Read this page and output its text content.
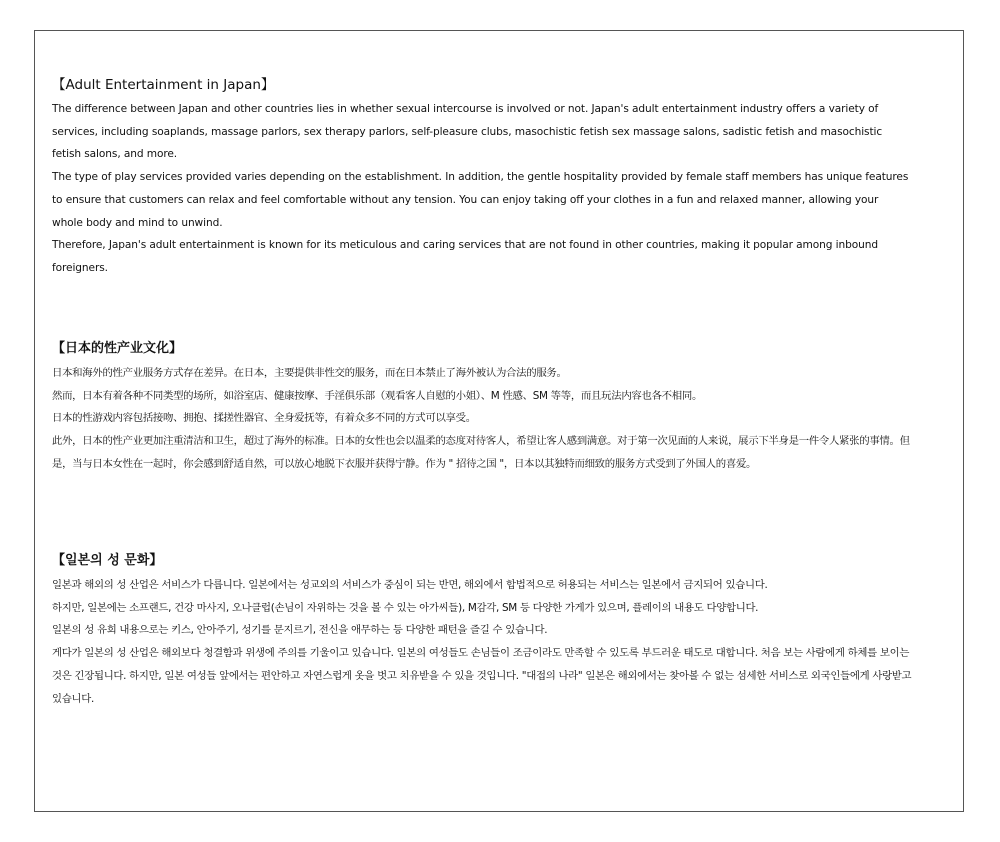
【Adult Entertainment in Japan】

The difference between Japan and other countries lies in whether sexual intercourse is involved or not. Japan's adult entertainment industry offers a variety of services, including soaplands, massage parlors, sex therapy parlors, self-pleasure clubs, masochistic fetish sex massage salons, sadistic fetish and masochistic fetish salons, and more.

The type of play services provided varies depending on the establishment. In addition, the gentle hospitality provided by female staff members has unique features to ensure that customers can relax and feel comfortable without any tension. You can enjoy taking off your clothes in a fun and relaxed manner, allowing your whole body and mind to unwind.

Therefore, Japan's adult entertainment is known for its meticulous and caring services that are not found in other countries, making it popular among inbound foreigners.

【日本的性产业文化】

日本和海外的性产业服务方式存在差异。在日本，主要提供非性交的服务，而在日本禁止了海外被认为合法的服务。

然而，日本有着各种不同类型的场所，如浴室店、健康按摩、手淫俱乐部（观看客人自慰的小姐）、M 性感、SM 等等，而且玩法内容也各不相同。

日本的性游戏内容包括接吻、拥抱、揉搓性器官、全身爱抚等，有着众多不同的方式可以享受。

此外，日本的性产业更加注重清洁和卫生，超过了海外的标准。日本的女性也会以温柔的态度对待客人，希望让客人感到满意。对于第一次见面的人来说，展示下半身是一件令人紧张的事情。但是，当与日本女性在一起时，你会感到舒适自然，可以放心地脱下衣服并获得宁静。作为 " 招待之国 "，日本以其独特而细致的服务方式受到了外国人的喜爱。

【일본의 성 문화】

일본과 해외의 성 산업은 서비스가 다릅니다. 일본에서는 성교외의 서비스가 중심이 되는 반면, 해외에서 합법적으로 허용되는 서비스는 일본에서 금지되어 있습니다.

하지만, 일본에는 소프랜드, 건강 마사지, 오나클럽(손님이 자위하는 것을 볼 수 있는 아가씨들), M감각, SM 등 다양한 가게가 있으며, 플레이의 내용도 다양합니다.

일본의 성 유희 내용으로는 키스, 안아주기, 성기를 문지르기, 전신을 애무하는 등 다양한 패턴을 즐길 수 있습니다.

게다가 일본의 성 산업은 해외보다 청결함과 위생에 주의를 기울이고 있습니다. 일본의 여성들도 손님들이 조금이라도 만족할 수 있도록 부드러운 태도로 대합니다. 처음 보는 사람에게 하체를 보이는 것은 긴장됩니다. 하지만, 일본 여성들 앞에서는 편안하고 자연스럽게 옷을 벗고 치유받을 수 있을 것입니다. "대접의 나라" 일본은 해외에서는 찾아볼 수 없는 섬세한 서비스로 외국인들에게 사랑받고 있습니다.
